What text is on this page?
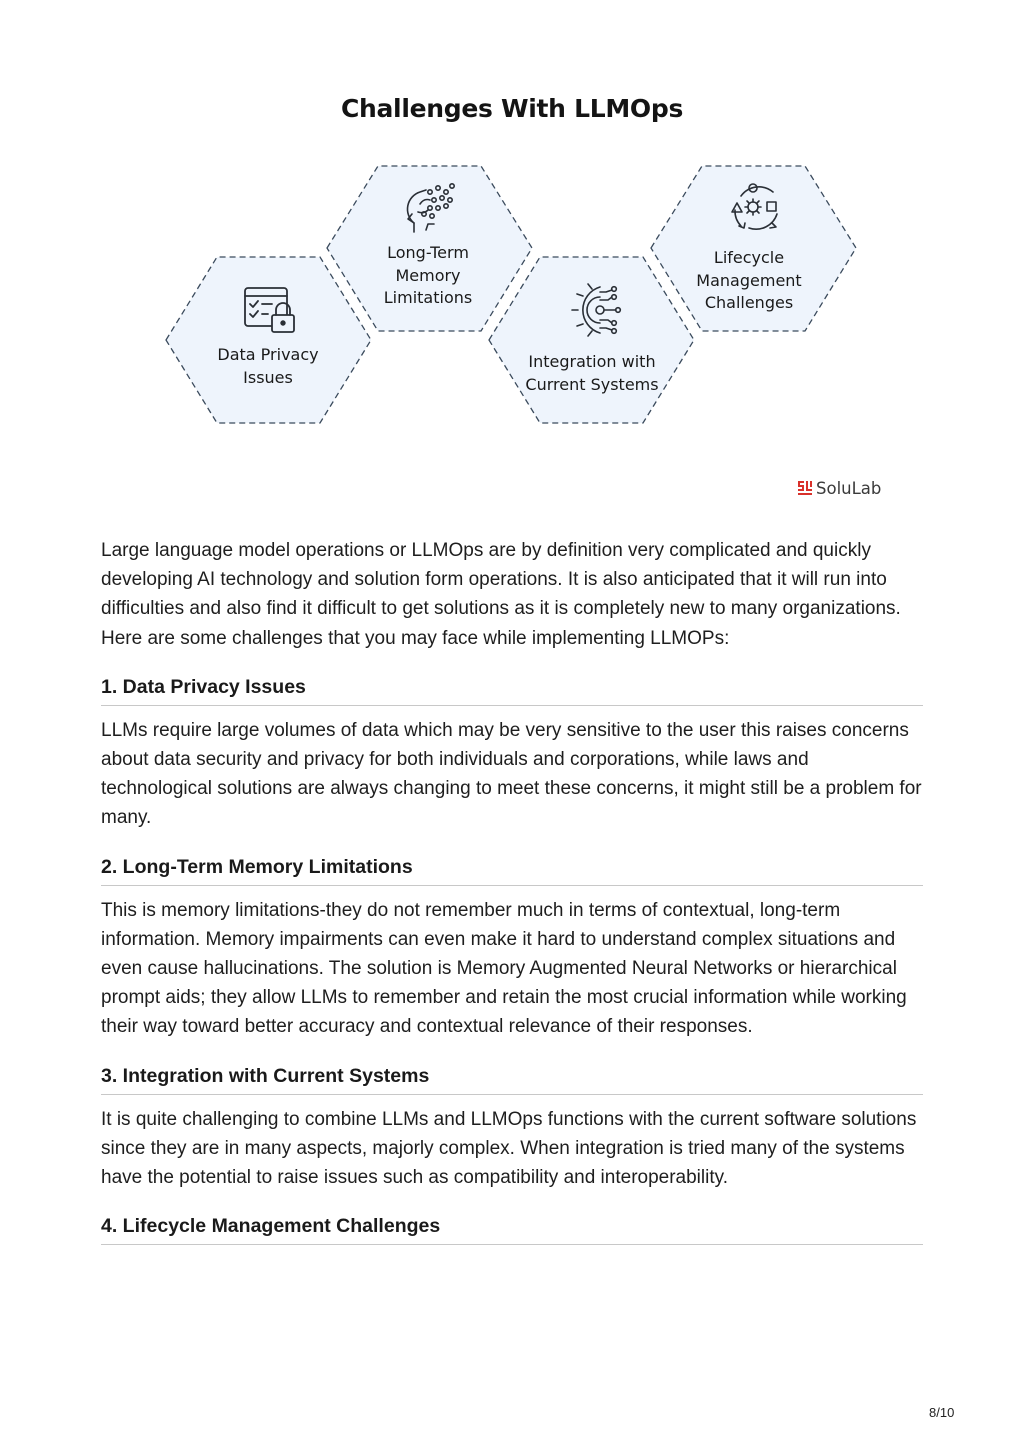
Challenges With LLMOps
Data Privacy
Issues
Long-Term
Memory
Limitations
Integration with
Current Systems
Lifecycle
Management
Challenges
SoluLab

Large language model operations or LLMOps are by definition very complicated and quickly developing AI technology and solution form operations. It is also anticipated that it will run into difficulties and also find it difficult to get solutions as it is completely new to many organizations. Here are some challenges that you may face while implementing LLMOPs:

1. Data Privacy Issues

LLMs require large volumes of data which may be very sensitive to the user this raises concerns about data security and privacy for both individuals and corporations, while laws and technological solutions are always changing to meet these concerns, it might still be a problem for many.

2. Long-Term Memory Limitations

This is memory limitations-they do not remember much in terms of contextual, long-term information. Memory impairments can even make it hard to understand complex situations and even cause hallucinations. The solution is Memory Augmented Neural Networks or hierarchical prompt aids; they allow LLMs to remember and retain the most crucial information while working their way toward better accuracy and contextual relevance of their responses.

3. Integration with Current Systems

It is quite challenging to combine LLMs and LLMOps functions with the current software solutions since they are in many aspects, majorly complex. When integration is tried many of the systems have the potential to raise issues such as compatibility and interoperability.

4. Lifecycle Management Challenges
8/10
